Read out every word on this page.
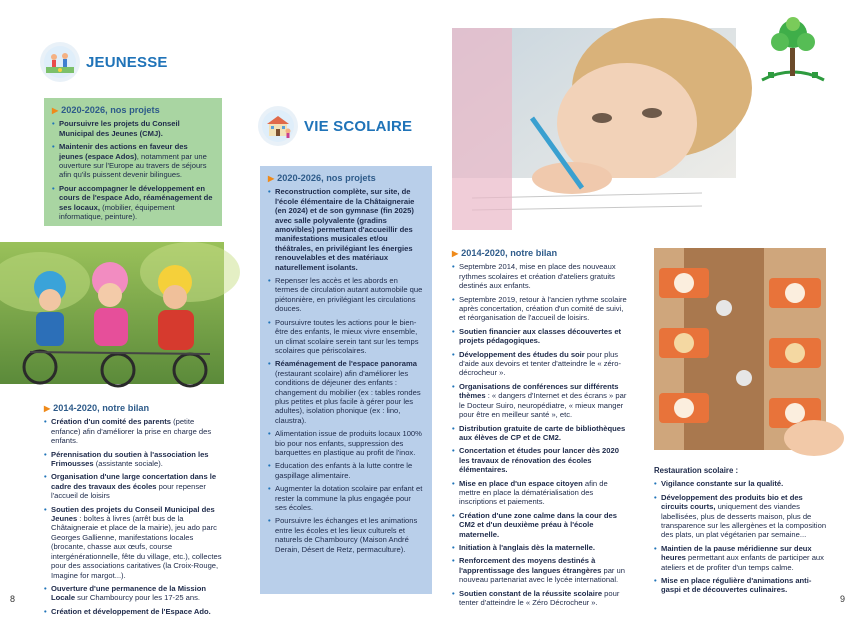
JEUNESSE
▶ 2020-2026, nos projets
• Poursuivre les projets du Conseil Municipal des Jeunes (CMJ).
• Maintenir des actions en faveur des jeunes (espace Ados), notamment par une ouverture sur l'Europe au travers de séjours afin qu'ils puissent devenir bilingues.
• Pour accompagner le développement en cours de l'espace Ado, réaménagement de ses locaux, (mobilier, équipement informatique, peinture).
▶ 2014-2020, notre bilan
• Création d'un comité des parents (petite enfance) afin d'améliorer la prise en charge des enfants.
• Pérennisation du soutien à l'association les Frimousses (assistante sociale).
• Organisation d'une large concertation dans le cadre des travaux des écoles pour repenser l'accueil de loisirs
• Soutien des projets du Conseil Municipal des Jeunes : boîtes à livres (arrêt bus de la Châtaigneraie et place de la mairie), jeu ado parc Georges Gallienne, manifestations locales (brocante, chasse aux œufs, course intergénérationnelle, fête du village, etc.), collectes pour des associations caritatives (la Croix-Rouge, Imagine for margot...).
• Ouverture d'une permanence de la Mission Locale sur Chambourcy pour les 17-25 ans.
• Création et développement de l'Espace Ado.
VIE SCOLAIRE
▶ 2020-2026, nos projets
• Reconstruction complète, sur site, de l'école élémentaire de la Châtaigneraie (en 2024) et de son gymnase (fin 2025) avec salle polyvalente (gradins amovibles) permettant d'accueillir des manifestations musicales et/ou théâtrales, en privilégiant les énergies renouvelables et des matériaux naturellement isolants.
• Repenser les accès et les abords en termes de circulation autant automobile que piétonnière, en privilégiant les circulations douces.
• Poursuivre toutes les actions pour le bien-être des enfants, le mieux vivre ensemble, un climat scolaire serein tant sur les temps scolaires que périscolaires.
• Réaménagement de l'espace panorama (restaurant scolaire) afin d'améliorer les conditions de déjeuner des enfants : changement du mobilier (ex : tables rondes plus petites et plus facile à gérer pour les adultes), isolation phonique (ex : lino, claustra).
• Alimentation issue de produits locaux 100% bio pour nos enfants, suppression des barquettes en plastique au profit de l'inox.
• Education des enfants à la lutte contre le gaspillage alimentaire.
• Augmenter la dotation scolaire par enfant et rester la commune la plus engagée pour ses écoles.
• Poursuivre les échanges et les animations entre les écoles et les lieux culturels et naturels de Chambourcy (Maison André Derain, Désert de Retz, permaculture).
8
▶ 2014-2020, notre bilan
• Septembre 2014, mise en place des nouveaux rythmes scolaires et création d'ateliers gratuits destinés aux enfants.
• Septembre 2019, retour à l'ancien rythme scolaire après concertation, création d'un comité de suivi, et réorganisation de l'accueil de loisirs.
• Soutien financier aux classes découvertes et projets pédagogiques.
• Développement des études du soir pour plus d'aide aux devoirs et tenter d'atteindre le « zéro-décrocheur ».
• Organisations de conférences sur différents thèmes : « dangers d'Internet et des écrans » par le Docteur Suiro, neuropédiatre, « mieux manger pour être en meilleur santé », etc.
• Distribution gratuite de carte de bibliothèques aux élèves de CP et de CM2.
• Concertation et études pour lancer dès 2020 les travaux de rénovation des écoles élémentaires.
• Mise en place d'un espace citoyen afin de mettre en place la dématérialisation des inscriptions et paiements.
• Création d'une zone calme dans la cour des CM2 et d'un deuxième préau à l'école maternelle.
• Initiation à l'anglais dès la maternelle.
• Renforcement des moyens destinés à l'apprentissage des langues étrangères par un nouveau partenariat avec le lycée international.
• Soutien constant de la réussite scolaire pour tenter d'atteindre le « Zéro Décrocheur ».
Restauration scolaire :
• Vigilance constante sur la qualité.
• Développement des produits bio et des circuits courts, uniquement des viandes labellisées, plus de desserts maison, plus de transparence sur les allergènes et la composition des plats, un plat végétarien par semaine...
• Maintien de la pause méridienne sur deux heures permettant aux enfants de participer aux ateliers et de profiter d'un temps calme.
• Mise en place régulière d'animations anti-gaspi et de découvertes culinaires.
9
